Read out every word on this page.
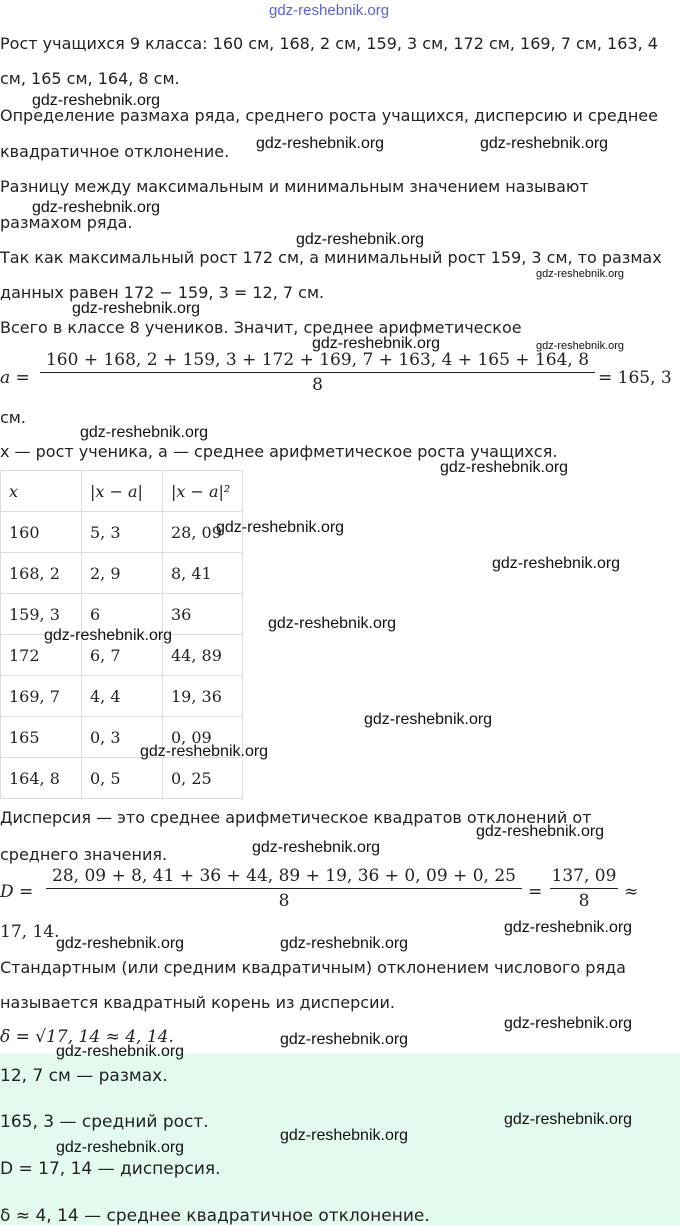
gdz-reshebnik.org
Рост учащихся 9 класса: 160 см, 168, 2 см, 159, 3 см, 172 см, 169, 7 см, 163, 4
см, 165 см, 164, 8 см.
Определение размаха ряда, среднего роста учащихся, дисперсию и среднее
квадратичное отклонение.
Разницу между максимальным и минимальным значением называют
размахом ряда.
Так как максимальный рост 172 см, а минимальный рост 159, 3 см, то размах
данных равен 172 − 159, 3 = 12, 7 см.
Всего в классе 8 учеников. Значит, среднее арифметическое
a =
160 + 168, 2 + 159, 3 + 172 + 169, 7 + 163, 4 + 165 + 164, 8
8	= 165, 3
см.
x — рост ученика, a — среднее арифметическое роста учащихся.
x	|x − a|	|x − a|²
160	5, 3	28, 09
168, 2	2, 9	8, 41
159, 3	6	36
172	6, 7	44, 89
169, 7	4, 4	19, 36
165	0, 3	0, 09
164, 8	0, 5	0, 25
Дисперсия — это среднее арифметическое квадратов отклонений от
среднего значения.
D =
28, 09 + 8, 41 + 36 + 44, 89 + 19, 36 + 0, 09 + 0, 25
8	=
137, 09
8	≈
17, 14.
Стандартным (или средним квадратичным) отклонением числового ряда
называется квадратный корень из дисперсии.
δ = √17, 14 ≈ 4, 14.
12, 7 см — размах.
165, 3 — средний рост.
D = 17, 14 — дисперсия.
δ ≈ 4, 14 — среднее квадратичное отклонение.
gdz-reshebnik.org
gdz-reshebnik.org	gdz-reshebnik.org
gdz-reshebnik.org
gdz-reshebnik.org
gdz-reshebnik.org
gdz-reshebnik.org
gdz-reshebnik.org	gdz-reshebnik.org
gdz-reshebnik.org
gdz-reshebnik.org
gdz-reshebnik.org
gdz-reshebnik.org
gdz-reshebnik.org
gdz-reshebnik.org
gdz-reshebnik.org
gdz-reshebnik.org
gdz-reshebnik.org
gdz-reshebnik.org
gdz-reshebnik.org
gdz-reshebnik.org	gdz-reshebnik.org
gdz-reshebnik.org
gdz-reshebnik.org
gdz-reshebnik.org
gdz-reshebnik.org
gdz-reshebnik.org
gdz-reshebnik.org
